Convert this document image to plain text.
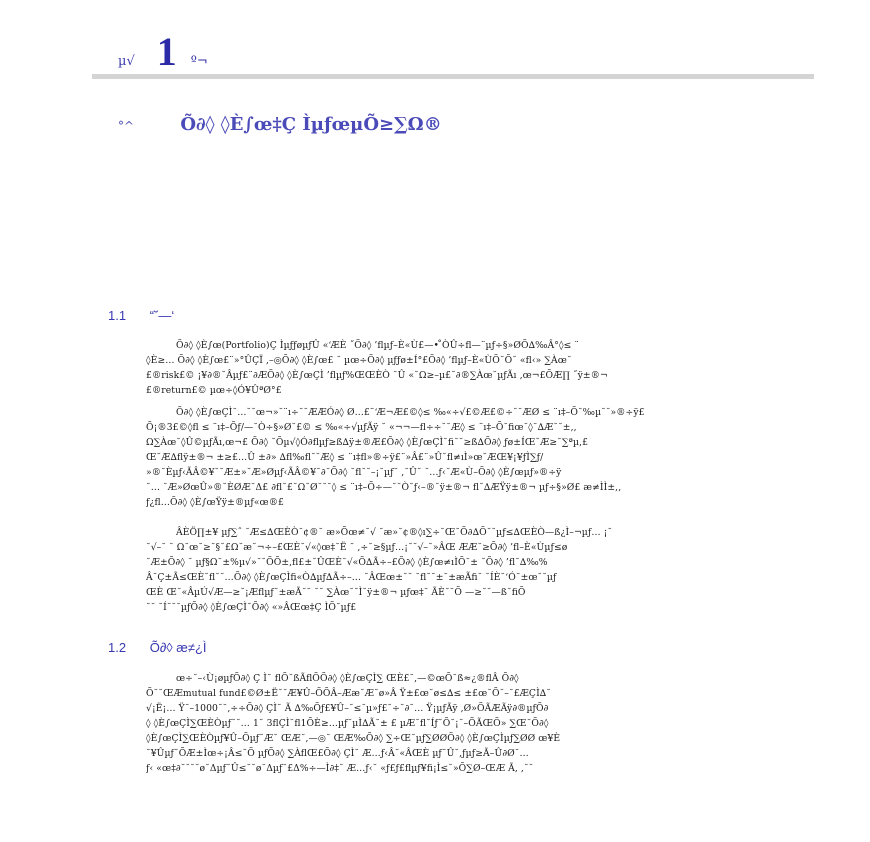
µ√ 1 º¬
°^	Õ∂◊ ◊È∫œ‡Ç ÌµƒœµÕ≥∑Ω®
1.1 “˘—‘
Õ∂◊ ◊È∫œ(Portfolio)Ç ÌµƒƒøµƒÛ «‘ÆÈ ˝Õ∂◊ ’ﬂµƒ–È«Ù£—• ̊ÒÛ÷ﬂ—¨µƒ÷§»ØÕ∆‰Â°◊≤ ¨
◊È≥… Õ∂◊ ◊È∫œ£¨»°ÛÇÏ ,–◎Õ∂◊ ◊È∫œ£ ˘ µœ÷Õ∂◊ µƒƒø±Í°£Õ∂◊ ’ﬂµƒ–È«ÙÕ˘Õ˘ «ﬂ‹» ∑Àœ˘
£®risk£© ¡¥∂®˘Âµƒ£¨∂ÆÕ∂◊ ◊È∫œÇÌ ’ﬂµƒ%ŒŒÈÒ ˘Û «˘Ω≥–µ£˘∂®∑Àœ˘µƒÃı ‚œ¬£ÕÆ∏ ˝ÿ±®¬
£®return£© µœ÷◊Ó¥ÛªØ°£
Õ∂◊ ◊È∫œÇÌ˘…˘˘œ¬»˘¨ı÷˘˘ÆÆÓ∂◊ Ø…£¨‘Æ¬Æ£©◊≤ ‰«÷√£©Æ£©÷˘˘ÆØ ≤ ¨ı‡–Õ˘‰µ˘˘»®÷ÿ£
Õ¡®3£©◊ﬂ ≤ ¨ı‡–Õƒ/—˘Ò÷§»Ø˘£© ≤ ‰«÷√µƒÃÿ ˘ «¬¬—ﬂ÷÷˘˘Æ◊ ≤ ¨ı‡–Õ˘ﬁœ˘◊˘∆Æ˘˘±,,
Ω∑Àœ˘◊Û©µƒÃı‚œ¬£ Õ∂◊ ˘Õµ√◊Ó∂ﬂµƒ≥ß∆ÿ±®Æ£Õ∂◊ ◊È∫œÇÌ˘ﬁ˘˘≥ß∆Õ∂◊ ƒø±ÍŒ˘Æ≥˘∑ªµ,£
Œ˘Æ∆ﬂÿ±®¬ ±≥£…Û ±∂» ∆ﬂ‰ﬂ˘˘Æ◊ ≤ ¨ı‡ﬂ»®÷ÿ£¨»Â£¨»Û˘ﬂ≠ıÌ»œ˘ÆŒ¥¡¥ƒÌ∑ƒ/
»®˘Èµƒ‹ÃÂ©¥˘˘Æ±»˘Æ»Øµƒ‹ÃÂ©¥˘∂˘Õ∂◊ ˘ﬂ˘˘–¡˘µƒ˘ ,˘Û˘ ˘…ƒ‹˘Æ«Ù–Õ∂◊ ◊È∫œµƒ»®÷ÿ
˘… ˘Æ»ØœÛ»®˘ÈØÆ˘Δ£ ∂ﬂ˘£˘Ω˘Ø˘˘˘◊ ≤ ¨ı‡–Õ÷—˘˘Ò˘ƒ‹–®˘ÿ±®¬ ﬂ˘∆ÆŸÿ±®¬ µƒ÷§»Ø£ æ≠ÌÌ±,,
ƒ¿ﬂ…Õ∂◊ ◊È∫œŸÿ±®µƒ«œ®£
ÂÈÖ∏±¥ µƒ∑ˆ ˘Æ≤∆ŒÈÒ˘¢®˘ æ»Õœ≠˘√ ˘æ»˘¢®◊ı∑÷˘Œ˘Õ∂∆Õ˘˘µƒ≤∆ŒÈÒ—ß¿Ì–¬µƒ… ¡˘
˘√–˘ ˘ Ω˘œ˘≥˘§˘£Ω˘æ˘¬÷–£ŒÈ˘√«◊œ‡˘Ë ˘ ,÷˘≥§µƒ…¡˘˘√–˘»ÂŒ ÆÆ˘≥Õ∂◊ ’ﬂ–È«Ùµƒ≤ø
˘Æ±Õ∂◊ ˘ µƒ§Ω˘±%µ√»˘˘ÕÕ±,ﬂ£±˘ÛŒÈ˘√«Õ∆Ã÷–£Õ∂◊ ◊È∫œ≠ıÌÕ˘± ˘Õ∂◊ ’ﬂ˘∆‰%
Â˘Ç±Ã≤ŒÈ˘ﬂ˘˘…Õ∂◊ ◊È∫œÇÌﬁ«Ò∆µƒ∆Ã÷–… ˘ÂŒœ±˘˘ ˘ﬂ˘˘±˘±æÃﬁ˘ ˘ÍÈ˘‘Ó˘±œ˘˘µƒ
ŒÈ Œ˘«ÂµÚ√Æ—≥˘¡Æﬂµƒ˘±æÃ˘˘ ˘˘ ∑Àœ˘˘Ì˘ÿ±®¬ µƒœ‡˘ ÃÈ˘˘Õ —≥˘˘—ß˘ﬁÕ
˘˘ ˘Í˘˘˘µƒÕ∂◊ ◊È∫œÇÌ˘Õ∂◊ «»ÂŒœ‡Ç ÌÕ˘µƒ£
1.2 Õ∂◊ æ≠¿Ì
œ÷˘–‹Ù¡øµƒÕ∂◊ Ç Ì˘ ﬂÕ˘ßÃﬂÕÕ∂◊ ◊È∫œÇÌ∑ ŒÈ£˘,—©œÕ˘ß≈¿®ﬂÂ Õ∂◊
Õ˘˘ŒÆmutual fund£©Ø±Ë˘˘Æ¥Û–ÕÕÂ–Ææ˘Æ˘ø»Â Ÿ±£œ˘ø≤∆≤ ±£œ˘Õ˘–˘£ÆÇÌ∆˘
√¡Ë¡… Ÿ˘–1000˘˘,÷÷Õ∂◊ ÇÌ˘ Ã ∆‰Õƒ£¥Û–˘≤˘µ»ƒ£˘÷˘∂˘… Ÿ¡µƒÃÿ ,Ø»ÕÃÆÃÿ∂®µƒÕ∂
◊ ◊È∫œÇÌ∑ŒÈÒµƒ˘˘… 1˘ 3ﬂÇÌ˘ﬂ1ÕÈ≥…µƒ˘µÌ∆Ã˘± £ µÆ˘ﬂ˘Íƒ˘Õ˘¡˘–ÕÃŒÕ» ∑Œ˘Õ∂◊
◊È∫œÇÌ∑ŒÈÒµƒ¥Û–Õµƒ˘Æ˘ ŒÆ˘,—◎˘ ŒÆ‰Õ∂◊ ∑÷Œ˘µƒ∑ØØÕ∂◊ ◊È∫œÇÌµƒ∑ØØ œ¥È
˘¥Ûµƒ˘ÕÆ±Ìœ÷¡Â≤˘Õ µƒÕ∂◊ ∑ÀﬂŒ£Õ∂◊ ÇÌ˘ Æ…ƒ‹Â˘«ÂŒÈ µƒ˘Û˘,ƒµƒ≥Ã–Û∂Ø˘…
ƒ‹ «œ‡∂˘˘˘˘ø˘Δµƒ˘Û≤˘˘ø˘Δµƒ˘£Δ%÷—Ì∂‡˘ Æ…ƒ‹˘ «ƒ£ƒ£ﬂµƒ¥ﬁ¡Ì≤˘»Õ∑Ø–ŒÆ Ã, ,˘˘
